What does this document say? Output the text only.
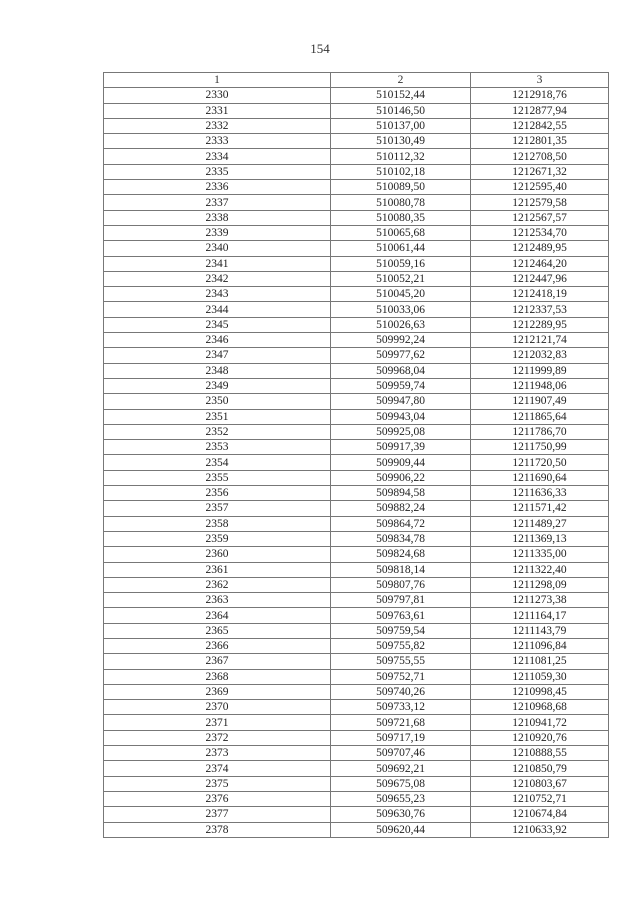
154
1	2	3
2330	510152,44	1212918,76
2331	510146,50	1212877,94
2332	510137,00	1212842,55
2333	510130,49	1212801,35
2334	510112,32	1212708,50
2335	510102,18	1212671,32
2336	510089,50	1212595,40
2337	510080,78	1212579,58
2338	510080,35	1212567,57
2339	510065,68	1212534,70
2340	510061,44	1212489,95
2341	510059,16	1212464,20
2342	510052,21	1212447,96
2343	510045,20	1212418,19
2344	510033,06	1212337,53
2345	510026,63	1212289,95
2346	509992,24	1212121,74
2347	509977,62	1212032,83
2348	509968,04	1211999,89
2349	509959,74	1211948,06
2350	509947,80	1211907,49
2351	509943,04	1211865,64
2352	509925,08	1211786,70
2353	509917,39	1211750,99
2354	509909,44	1211720,50
2355	509906,22	1211690,64
2356	509894,58	1211636,33
2357	509882,24	1211571,42
2358	509864,72	1211489,27
2359	509834,78	1211369,13
2360	509824,68	1211335,00
2361	509818,14	1211322,40
2362	509807,76	1211298,09
2363	509797,81	1211273,38
2364	509763,61	1211164,17
2365	509759,54	1211143,79
2366	509755,82	1211096,84
2367	509755,55	1211081,25
2368	509752,71	1211059,30
2369	509740,26	1210998,45
2370	509733,12	1210968,68
2371	509721,68	1210941,72
2372	509717,19	1210920,76
2373	509707,46	1210888,55
2374	509692,21	1210850,79
2375	509675,08	1210803,67
2376	509655,23	1210752,71
2377	509630,76	1210674,84
2378	509620,44	1210633,92
